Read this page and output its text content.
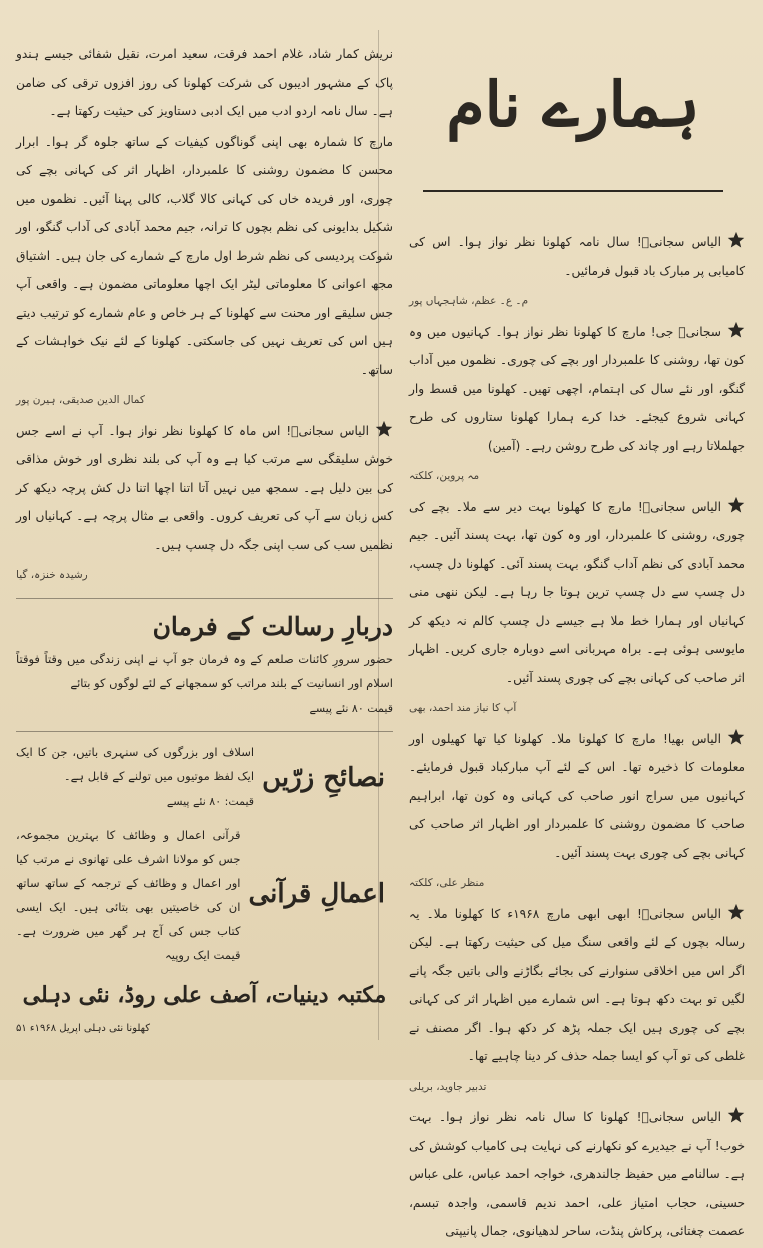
ہمارے نام

الیاس سجانیؔ! سال نامہ کھلونا نظر نواز ہوا۔ اس کی کامیابی پر مبارک باد قبول فرمائیں۔

م۔ ع۔ عظم، شاہجہاں پور

سجانیؔ جی! مارچ کا کھلونا نظر نواز ہوا۔ کہانیوں میں وہ کون تھا، روشنی کا علمبردار اور بچے کی چوری۔ نظموں میں آداب گنگو، اور نئے سال کی اہتمام، اچھی تھیں۔ کھلونا میں قسط وار کہانی شروع کیجئے۔ خدا کرے ہمارا کھلونا ستاروں کی طرح جھلملاتا رہے اور چاند کی طرح روشن رہے۔ (آمین)

مہ پروین، کلکتہ

الیاس سجانیؔ! مارچ کا کھلونا بہت دیر سے ملا۔ بچے کی چوری، روشنی کا علمبردار، اور وہ کون تھا، بہت پسند آئیں۔ جیم محمد آبادی کی نظم آداب گنگو، بہت پسند آئی۔ کھلونا دل چسپ، دل چسپ سے دل چسپ ترین ہوتا جا رہا ہے۔ لیکن ننھی منی کہانیاں اور ہمارا خط ملا ہے جیسے دل چسپ کالم نہ دیکھ کر مایوسی ہوئی ہے۔ براہ مہربانی اسے دوبارہ جاری کریں۔ اظہار اثر صاحب کی کہانی بچے کی چوری پسند آئیں۔

آپ کا نیاز مند احمد، بھی

الیاس بھیا! مارچ کا کھلونا ملا۔ کھلونا کیا تھا کھیلوں اور معلومات کا ذخیرہ تھا۔ اس کے لئے آپ مبارکباد قبول فرمایئے۔ کہانیوں میں سراج انور صاحب کی کہانی وہ کون تھا، ابراہیم صاحب کا مضمون روشنی کا علمبردار اور اظہار اثر صاحب کی کہانی بچے کی چوری بہت پسند آئیں۔

منظر علی، کلکتہ

الیاس سجانیؔ! ابھی ابھی مارچ ۱۹۶۸ء کا کھلونا ملا۔ یہ رسالہ بچوں کے لئے واقعی سنگ میل کی حیثیت رکھتا ہے۔ لیکن اگر اس میں اخلاقی سنوارنے کی بجائے بگاڑنے والی باتیں جگہ پانے لگیں تو بہت دکھ ہوتا ہے۔ اس شمارے میں اظہار اثر کی کہانی بچے کی چوری ہیں ایک جملہ پڑھ کر دکھ ہوا۔ اگر مصنف نے غلطی کی تو آپ کو ایسا جملہ حذف کر دینا چاہیے تھا۔

تدبیر جاوید، بریلی

الیاس سجانیؔ! کھلونا کا سال نامہ نظر نواز ہوا۔ بہت خوب! آپ نے جیدیرے کو نکھارنے کی نہایت ہی کامیاب کوشش کی ہے۔ سالنامے میں حفیظ جالندھری، خواجہ احمد عباس، علی عباس حسینی، حجاب امتیاز علی، احمد ندیم قاسمی، واجدہ تبسم، عصمت چغتائی، پرکاش پنڈت، ساحر لدھیانوی، جمال پانیپتی

نریش کمار شاد، غلام احمد فرقت، سعید امرت، نقیل شفائی جیسے ہندو پاک کے مشہور ادیبوں کی شرکت کھلونا کی روز افزوں ترقی کی ضامن ہے۔ سال نامہ اردو ادب میں ایک ادبی دستاویز کی حیثیت رکھتا ہے۔

مارچ کا شمارہ بھی اپنی گوناگوں کیفیات کے ساتھ جلوہ گر ہوا۔ ابرار محسن کا مضمون روشنی کا علمبردار، اظہار اثر کی کہانی بچے کی چوری، اور فریدہ خاں کی کہانی کالا گلاب، کالی پہنا آئیں۔ نظموں میں شکیل بدایونی کی نظم بچوں کا ترانہ، جیم محمد آبادی کی آداب گنگو، اور شوکت پردیسی کی نظم شرط اول مارچ کے شمارے کی جان ہیں۔ اشتیاق مجھ اعوانی کا معلوماتی لیٹر ایک اچھا معلوماتی مضمون ہے۔ واقعی آپ جس سلیقے اور محنت سے کھلونا کے ہر خاص و عام شمارے کو ترتیب دیتے ہیں اس کی تعریف نہیں کی جاسکتی۔ کھلونا کے لئے نیک خواہشات کے ساتھ۔

کمال الدین صدیقی، ہیرن پور

الیاس سجانیؔ! اس ماہ کا کھلونا نظر نواز ہوا۔ آپ نے اسے جس خوش سلیقگی سے مرتب کیا ہے وہ آپ کی بلند نظری اور خوش مذاقی کی بین دلیل ہے۔ سمجھ میں نہیں آتا اتنا اچھا اتنا دل کش پرچہ دیکھ کر کس زبان سے آپ کی تعریف کروں۔ واقعی بے مثال پرچہ ہے۔ کہانیاں اور نظمیں سب کی سب اپنی جگہ دل چسپ ہیں۔

رشیدہ خنزہ، گیا

دربارِ رسالت کے فرمان
حضور سرورِ کائنات صلعم کے وہ فرمان جو آپ نے اپنی زندگی میں وقتاً فوقتاً اسلام اور انسانیت کے بلند مراتب کو سمجھانے کے لئے لوگوں کو بتائے
قیمت ۸۰ نئے پیسے
نصائحِ زرّیں
اسلاف اور بزرگوں کی سنہری باتیں، جن کا ایک ایک لفظ موتیوں میں تولنے کے قابل ہے۔
قیمت: ۸۰ نئے پیسے
اعمالِ قرآنی
قرآنی اعمال و وظائف کا بہترین مجموعہ، جس کو مولانا اشرف علی تھانوی نے مرتب کیا اور اعمال و وظائف کے ترجمہ کے ساتھ ساتھ ان کی خاصیتیں بھی بتائی ہیں۔ ایک ایسی کتاب جس کی آج ہر گھر میں ضرورت ہے۔ قیمت ایک روپیہ
مکتبہ دینیات، آصف علی روڈ، نئی دہلی
کھلونا نئی دہلی اپریل ۱۹۶۸ء ۵۱
